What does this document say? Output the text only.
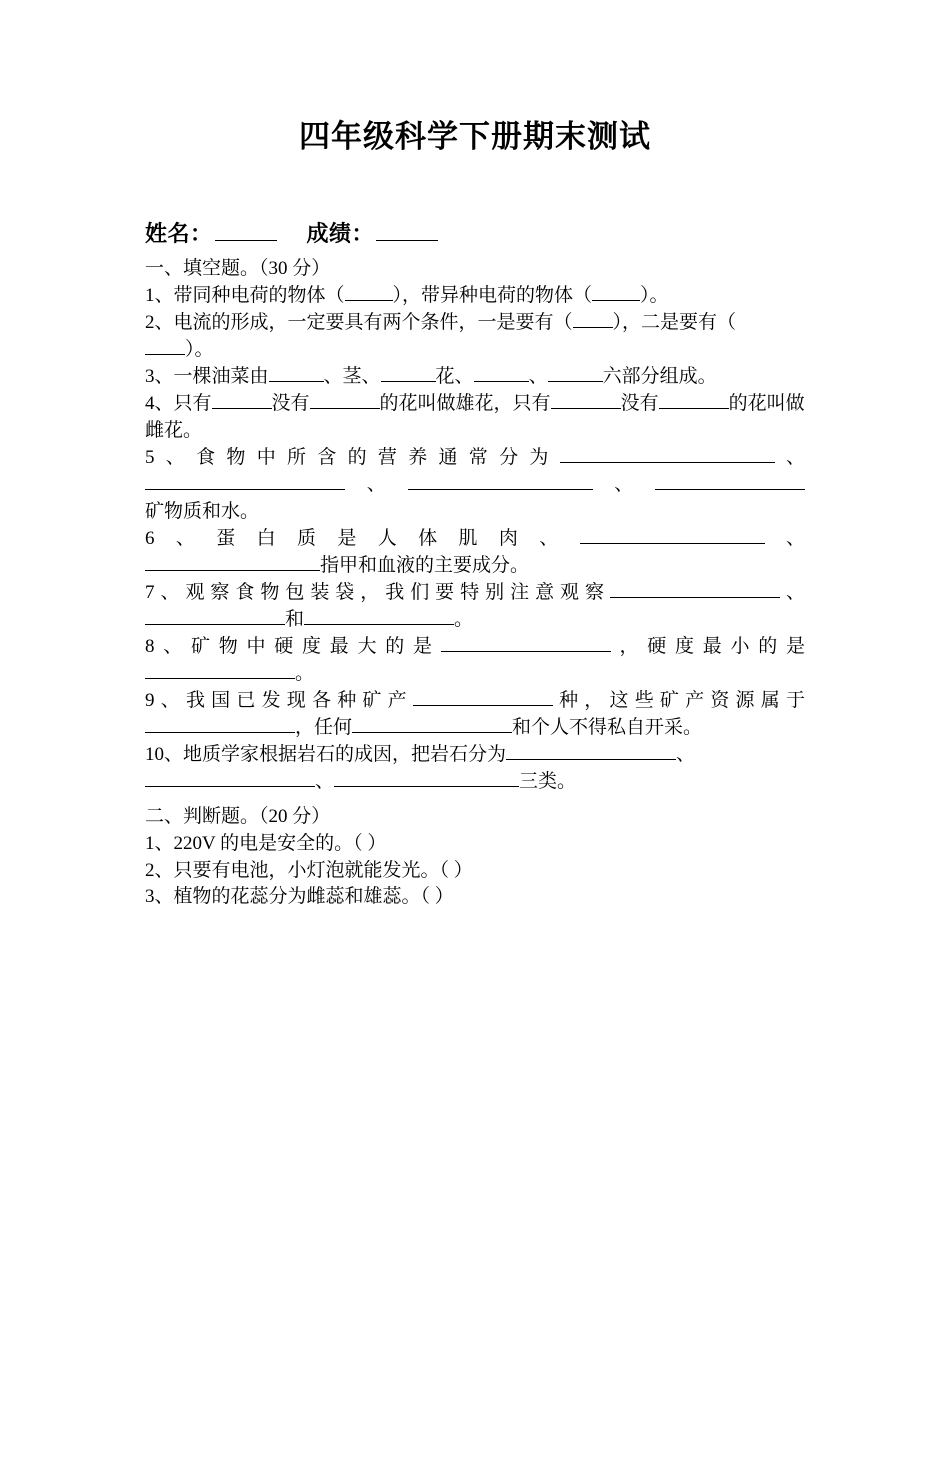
四年级科学下册期末测试
姓名：	成绩：
一、填空题。（30 分）
1、带同种电荷的物体（	），带异种电荷的物体（	）。
2、电流的形成，一定要具有两个条件，一是要有（ ），二是要有（
）。
3、一棵油菜由	、茎、	花、	、	六部分组成。
4、只有	没有	的花叫做雄花，只有	没有	的花叫做雌花。
5、食物中所含的营养通常分为	、
、	、
矿物质和水。
6、蛋白质是人体肌肉、	、
指甲和血液的主要成分。
7、观察食物包装袋，我们要特别注意观察	、
和	。
8、矿物中硬度最大的是	，硬度最小的是
。
9、我国已发现各种矿产	种，这些矿产资源属于
，任何	和个人不得私自开采。
10、地质学家根据岩石的成因，把岩石分为	、
、	三类。
二、判断题。（20 分）
1、220V 的电是安全的。（ ）
2、只要有电池，小灯泡就能发光。（ ）
3、植物的花蕊分为雌蕊和雄蕊。（ ）
